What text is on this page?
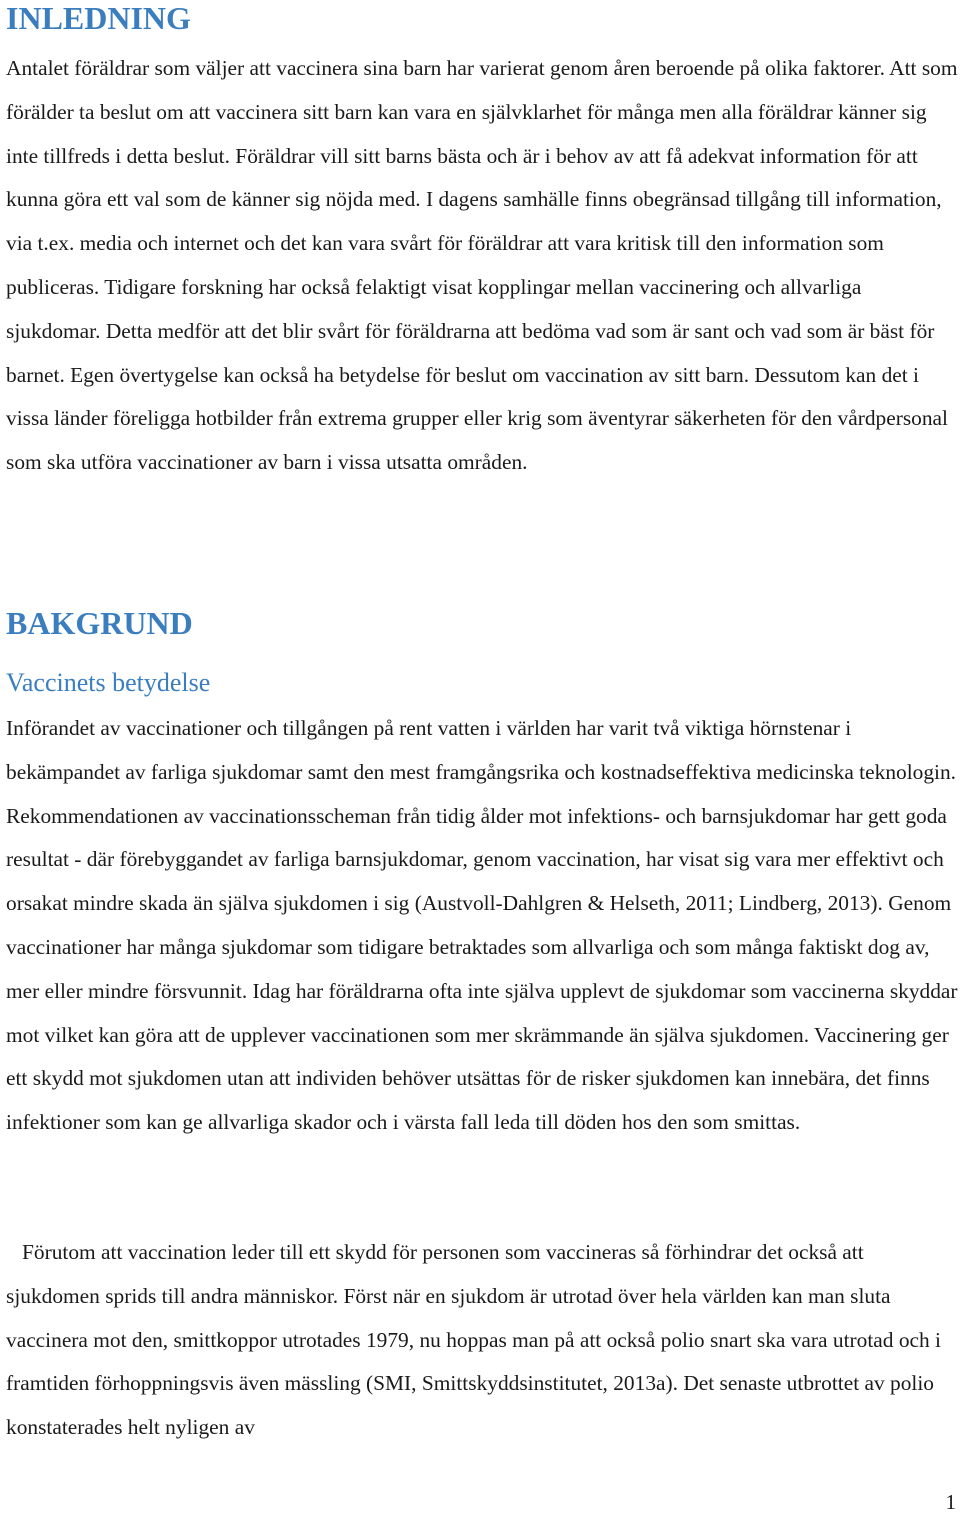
INLEDNING

Antalet föräldrar som väljer att vaccinera sina barn har varierat genom åren beroende på olika faktorer. Att som förälder ta beslut om att vaccinera sitt barn kan vara en självklarhet för många men alla föräldrar känner sig inte tillfreds i detta beslut. Föräldrar vill sitt barns bästa och är i behov av att få adekvat information för att kunna göra ett val som de känner sig nöjda med. I dagens samhälle finns obegränsad tillgång till information, via t.ex. media och internet och det kan vara svårt för föräldrar att vara kritisk till den information som publiceras. Tidigare forskning har också felaktigt visat kopplingar mellan vaccinering och allvarliga sjukdomar. Detta medför att det blir svårt för föräldrarna att bedöma vad som är sant och vad som är bäst för barnet. Egen övertygelse kan också ha betydelse för beslut om vaccination av sitt barn. Dessutom kan det i vissa länder föreligga hotbilder från extrema grupper eller krig som äventyrar säkerheten för den vårdpersonal som ska utföra vaccinationer av barn i vissa utsatta områden.

BAKGRUND
Vaccinets betydelse

Införandet av vaccinationer och tillgången på rent vatten i världen har varit två viktiga hörnstenar i bekämpandet av farliga sjukdomar samt den mest framgångsrika och kostnadseffektiva medicinska teknologin. Rekommendationen av vaccinationsscheman från tidig ålder mot infektions- och barnsjukdomar har gett goda resultat - där förebyggandet av farliga barnsjukdomar, genom vaccination, har visat sig vara mer effektivt och orsakat mindre skada än själva sjukdomen i sig (Austvoll-Dahlgren & Helseth, 2011; Lindberg, 2013). Genom vaccinationer har många sjukdomar som tidigare betraktades som allvarliga och som många faktiskt dog av, mer eller mindre försvunnit. Idag har föräldrarna ofta inte själva upplevt de sjukdomar som vaccinerna skyddar mot vilket kan göra att de upplever vaccinationen som mer skrämmande än själva sjukdomen. Vaccinering ger ett skydd mot sjukdomen utan att individen behöver utsättas för de risker sjukdomen kan innebära, det finns infektioner som kan ge allvarliga skador och i värsta fall leda till döden hos den som smittas.

Förutom att vaccination leder till ett skydd för personen som vaccineras så förhindrar det också att sjukdomen sprids till andra människor. Först när en sjukdom är utrotad över hela världen kan man sluta vaccinera mot den, smittkoppor utrotades 1979, nu hoppas man på att också polio snart ska vara utrotad och i framtiden förhoppningsvis även mässling (SMI, Smittskyddsinstitutet, 2013a). Det senaste utbrottet av polio konstaterades helt nyligen av

1
